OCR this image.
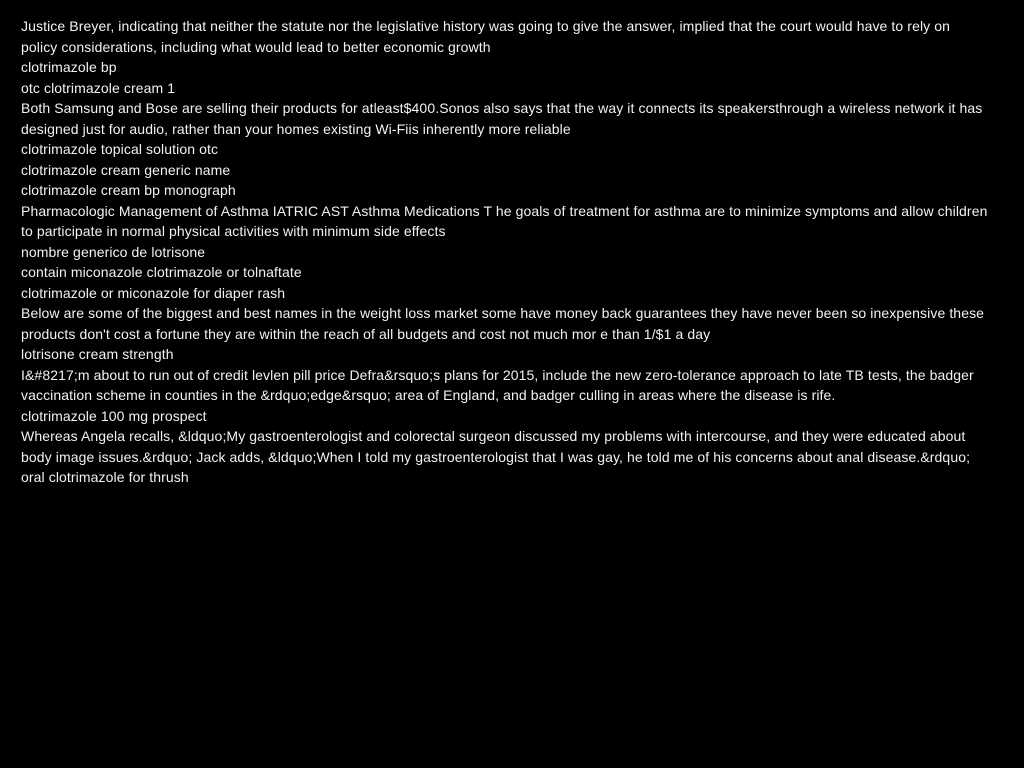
Justice Breyer, indicating that neither the statute nor the legislative history was going to give the answer, implied that the court would have to rely on policy considerations, including what would lead to better economic growth
clotrimazole bp
otc clotrimazole cream 1
Both Samsung and Bose are selling their products for atleast$400.Sonos also says that the way it connects its speakersthrough a wireless network it has designed just for audio, rather than your homes existing Wi-Fiis inherently more reliable
clotrimazole topical solution otc
clotrimazole cream generic name
clotrimazole cream bp monograph
Pharmacologic Management of Asthma IATRIC AST Asthma Medications T he goals of treatment for asthma are to minimize symptoms and allow children to participate in normal physical activities with minimum side effects
nombre generico de lotrisone
contain miconazole clotrimazole or tolnaftate
clotrimazole or miconazole for diaper rash
Below are some of the biggest and best names in the weight loss market some have money back guarantees they have never been so inexpensive these products don't cost a fortune they are within the reach of all budgets and cost not much mor e than 1/$1 a day
lotrisone cream strength
I&#8217;m about to run out of credit levlen pill price Defra&rsquo;s plans for 2015, include the new zero-tolerance approach to late TB tests, the badger vaccination scheme in counties in the &rdquo;edge&rsquo; area of England, and badger culling in areas where the disease is rife.
clotrimazole 100 mg prospect
Whereas Angela recalls, &ldquo;My gastroenterologist and colorectal surgeon discussed my problems with intercourse, and they were educated about body image issues.&rdquo; Jack adds, &ldquo;When I told my gastroenterologist that I was gay, he told me of his concerns about anal disease.&rdquo;
oral clotrimazole for thrush
